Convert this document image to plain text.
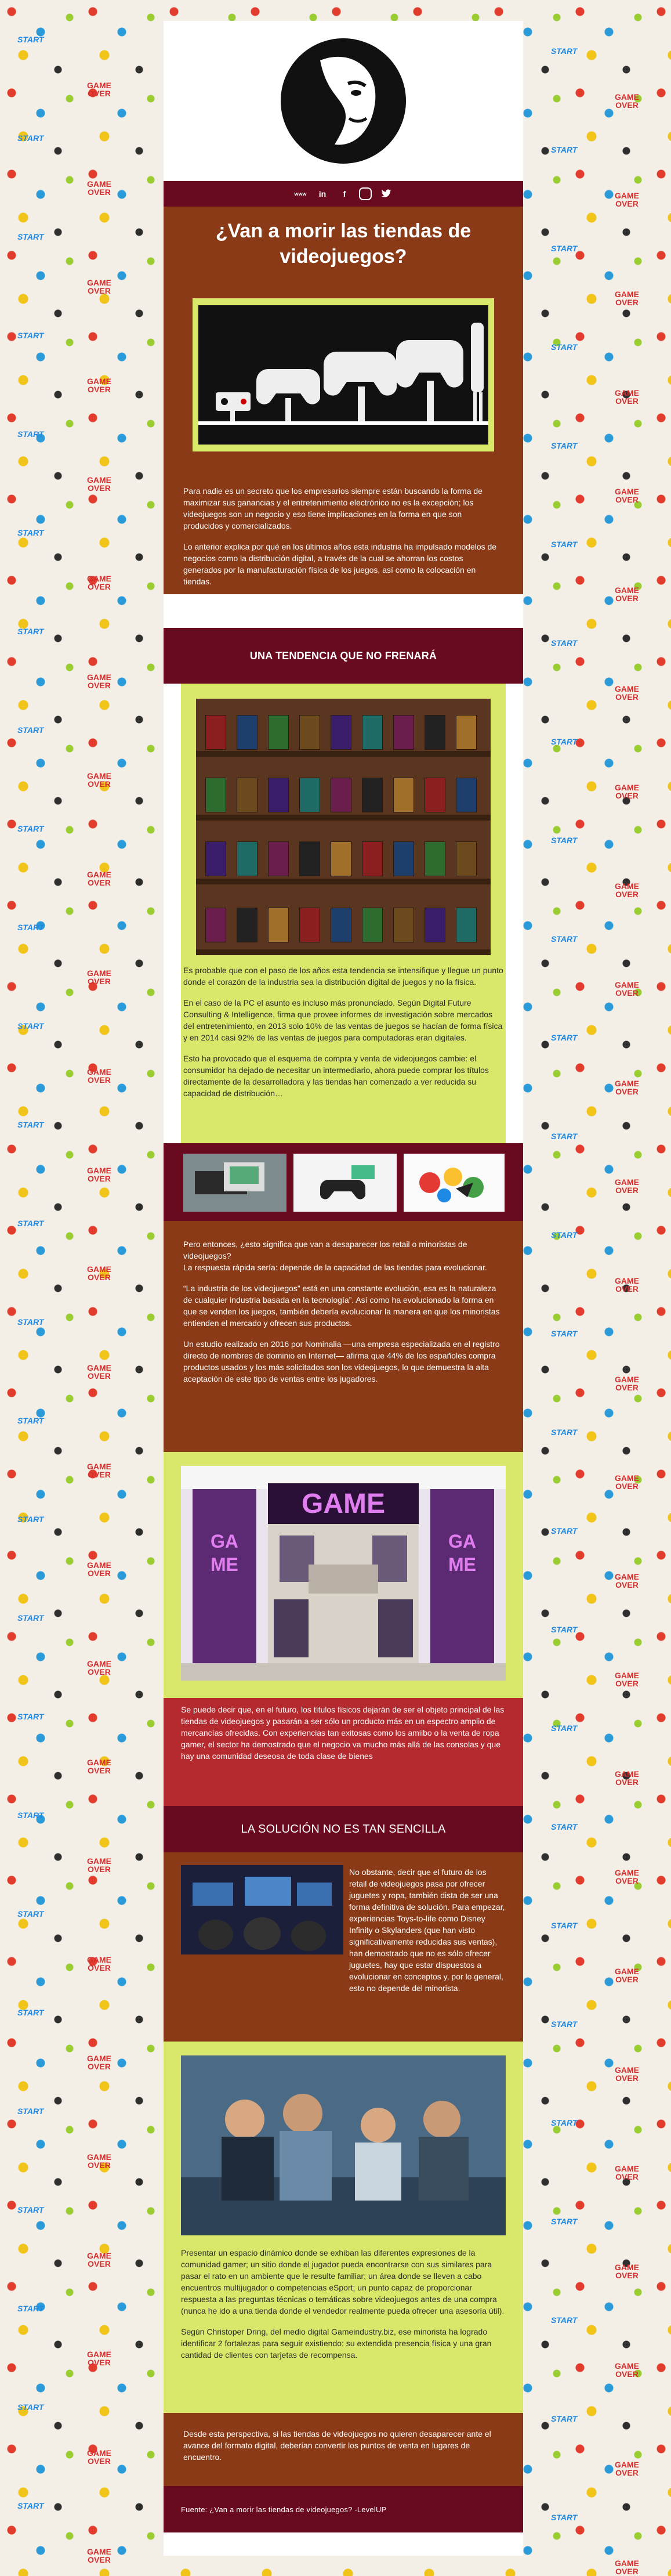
START
GAME
OVER
START
GAME
OVER
START
GAME
OVER
START
GAME
OVER
START
GAME
OVER
START
GAME
OVER
START
GAME
OVER
START
GAME
OVER
START
GAME
OVER
START
GAME
OVER
START
GAME
OVER
START
GAME
OVER
START
GAME
OVER
START
GAME
OVER
START
GAME
OVER
START
GAME
OVER
START
GAME
OVER
START
GAME
OVER
START
GAME
OVER
START
GAME
OVER
START
GAME
OVER
START
GAME
OVER
START
GAME
OVER
START
GAME
OVER
START
GAME
OVER
START
GAME
OVER
START
GAME
OVER
START
GAME
OVER
START
GAME
OVER
START
GAME
OVER
START
GAME
OVER
START
GAME
OVER
START
GAME
OVER
START
GAME
OVER
START
GAME
OVER
START
GAME
OVER
START
GAME
OVER
START
GAME
OVER
START
GAME
OVER
START
GAME
OVER
START
GAME
OVER
START
GAME
OVER
START
GAME
OVER
START
GAME
OVER
START
GAME
OVER
START
GAME
OVER
START
GAME
OVER
START
GAME
OVER
START
GAME
OVER
START
GAME
OVER
START
GAME
OVER
START
GAME
OVER
www	in	f
¿Van a morir las tiendas de videojuegos?

Para nadie es un secreto que los empresarios siempre están buscando la forma de maximizar sus ganancias y el entretenimiento electrónico no es la excepción; los videojuegos son un negocio y eso tiene implicaciones en la forma en que son producidos y comercializados.

Lo anterior explica por qué en los últimos años esta industria ha impulsado modelos de negocios como la distribución digital, a través de la cual se ahorran los costos generados por la manufacturación física de los juegos, así como la colocación en tiendas.

UNA TENDENCIA QUE NO FRENARÁ

Es probable que con el paso de los años esta tendencia se intensifique y llegue un punto donde el corazón de la industria sea la distribución digital de juegos y no la física.

En el caso de la PC el asunto es incluso más pronunciado. Según Digital Future Consulting & Intelligence, firma que provee informes de investigación sobre mercados del entretenimiento, en 2013 solo 10% de las ventas de juegos se hacían de forma física y en 2014 casi 92% de las ventas de juegos para computadoras eran digitales.

Esto ha provocado que el esquema de compra y venta de videojuegos cambie: el consumidor ha dejado de necesitar un intermediario, ahora puede comprar los títulos directamente de la desarrolladora y las tiendas han comenzado a ver reducida su capacidad de distribución…

Pero entonces, ¿esto significa que van a desaparecer los retail o minoristas de videojuegos?
La respuesta rápida sería: depende de la capacidad de las tiendas para evolucionar.

“La industria de los videojuegos” está en una constante evolución, esa es la naturaleza de cualquier industria basada en la tecnología”. Así como ha evolucionado la forma en que se venden los juegos, también debería evolucionar la manera en que los minoristas entienden el mercado y ofrecen sus productos.

Un estudio realizado en 2016 por Nominalia —una empresa especializada en el registro directo de nombres de dominio en Internet— afirma que 44% de los españoles compra productos usados y los más solicitados son los videojuegos, lo que demuestra la alta aceptación de este tipo de ventas entre los jugadores.

GAME
GAME
GAME
Se puede decir que, en el futuro, los títulos físicos dejarán de ser el objeto principal de las tiendas de videojuegos y pasarán a ser sólo un producto más en un espectro amplio de mercancías ofrecidas. Con experiencias tan exitosas como los amiibo o la venta de ropa gamer, el sector ha demostrado que el negocio va mucho más allá de las consolas y que hay una comunidad deseosa de toda clase de bienes
LA SOLUCIÓN NO ES TAN SENCILLA
No obstante, decir que el futuro de los retail de videojuegos pasa por ofrecer juguetes y ropa, también dista de ser una forma definitiva de solución. Para empezar, experiencias Toys-to-life como Disney Infinity o Skylanders (que han visto significativamente reducidas sus ventas), han demostrado que no es sólo ofrecer juguetes, hay que estar dispuestos a evolucionar en conceptos y, por lo general, esto no depende del minorista.

Presentar un espacio dinámico donde se exhiban las diferentes expresiones de la comunidad gamer; un sitio donde el jugador pueda encontrarse con sus similares para pasar el rato en un ambiente que le resulte familiar; un área donde se lleven a cabo encuentros multijugador o competencias eSport; un punto capaz de proporcionar respuesta a las preguntas técnicas o temáticas sobre videojuegos antes de una compra (nunca he ido a una tienda donde el vendedor realmente pueda ofrecer una asesoría útil).

Según Christoper Dring, del medio digital Gameindustry.biz, ese minorista ha logrado identificar 2 fortalezas para seguir existiendo: su extendida presencia física y una gran cantidad de clientes con tarjetas de recompensa.

Desde esta perspectiva, si las tiendas de videojuegos no quieren desaparecer ante el avance del formato digital, deberían convertir los puntos de venta en lugares de encuentro.
Fuente: ¿Van a morir las tiendas de videojuegos? -LevelUP
